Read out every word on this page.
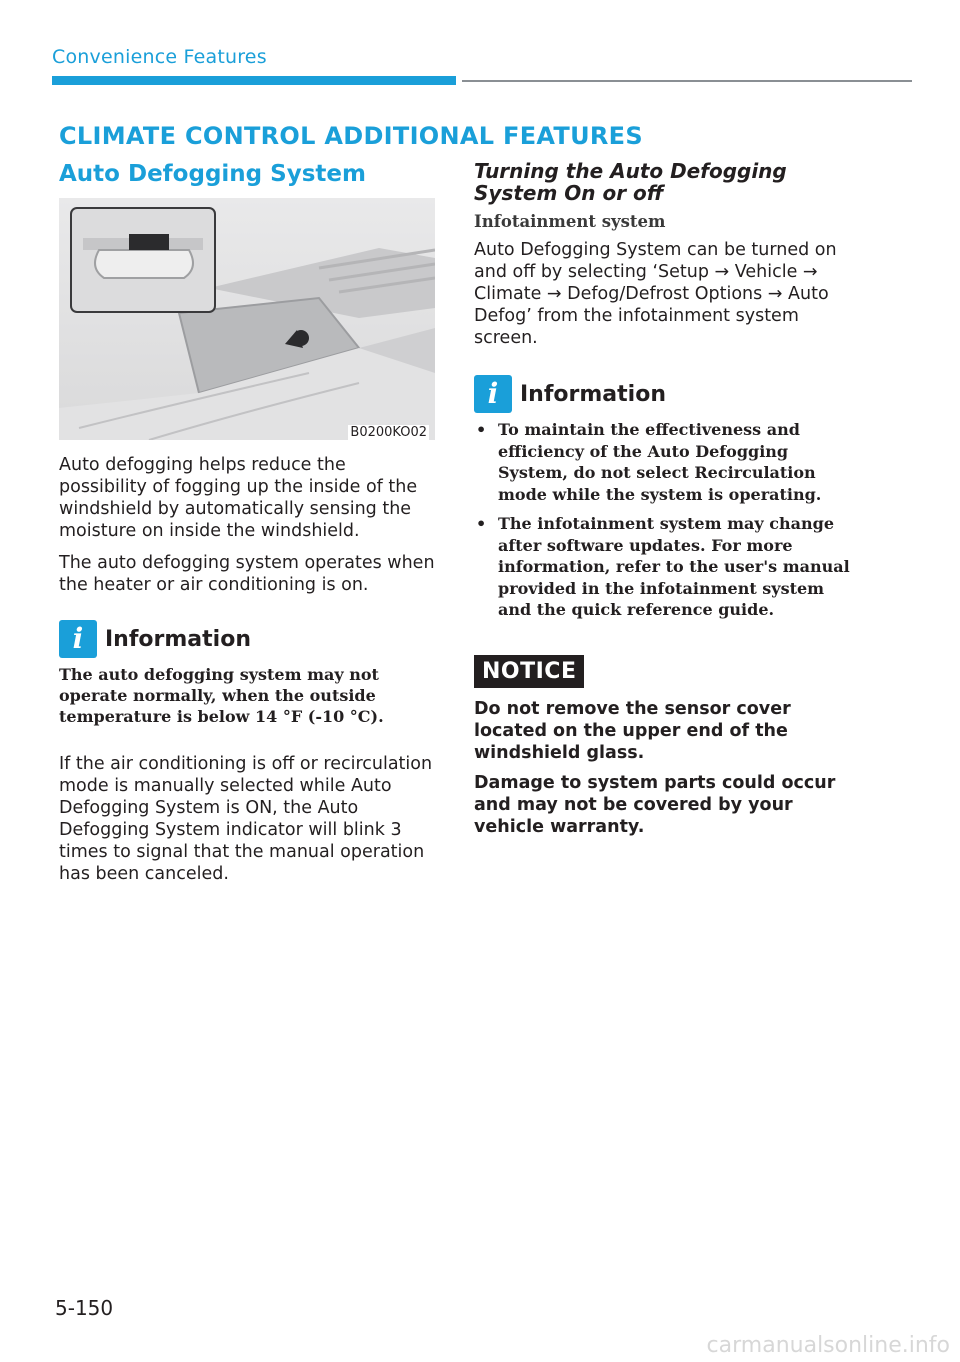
Convenience Features
CLIMATE CONTROL ADDITIONAL FEATURES
Auto Defogging System
B0200KO02

Auto defogging helps reduce the possibility of fogging up the inside of the windshield by automatically sensing the moisture on inside the windshield.

The auto defogging system operates when the heater or air conditioning is on.

i Information

The auto defogging system may not operate normally, when the outside temperature is below 14 °F (-10 °C).

If the air conditioning is off or recirculation mode is manually selected while Auto Defogging System is ON, the Auto Defogging System indicator will blink 3 times to signal that the manual operation has been canceled.

Turning the Auto Defogging System On or off
Infotainment system

Auto Defogging System can be turned on and off by selecting ‘Setup → Vehicle → Climate → Defog/Defrost Options → Auto Defog’ from the infotainment system screen.

i Information
• To maintain the effectiveness and efficiency of the Auto Defogging System, do not select Recirculation mode while the system is operating.
• The infotainment system may change after software updates. For more information, refer to the user's manual provided in the infotainment system and the quick reference guide.
NOTICE

Do not remove the sensor cover located on the upper end of the windshield glass.

Damage to system parts could occur and may not be covered by your vehicle warranty.

5-150
carmanualsonline.info
